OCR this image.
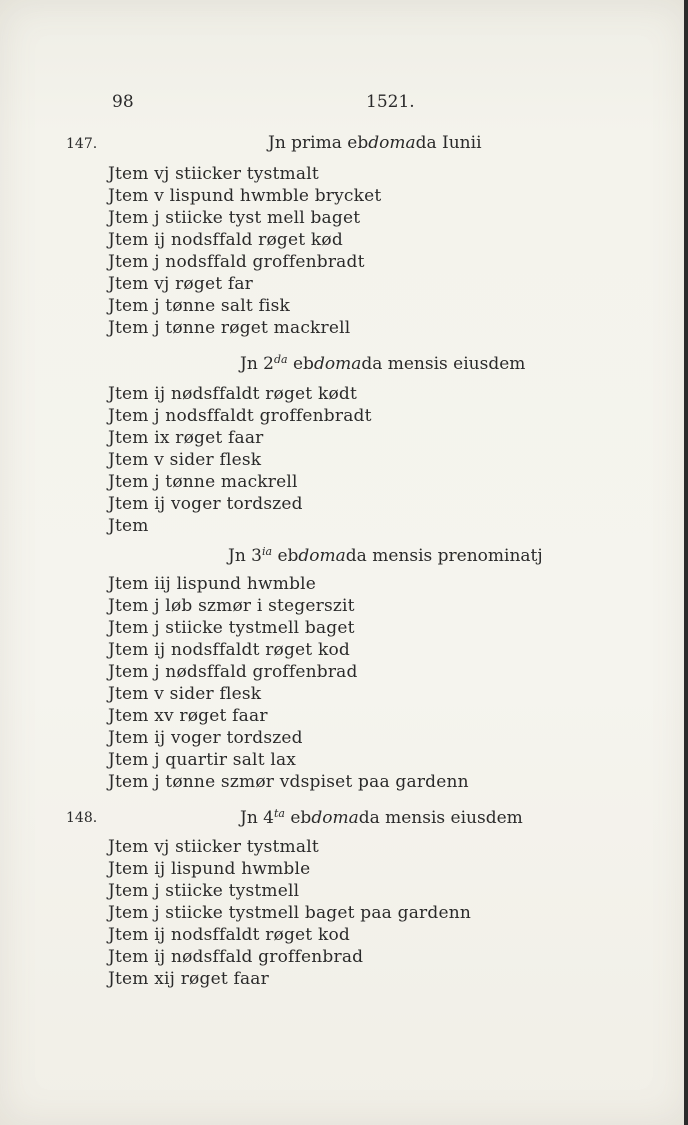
98	1521.
147.	Jn prima ebdomada Iunii
Jtem vj stiicker tystmalt
Jtem v lispund hwmble brycket
Jtem j stiicke tyst mell baget
Jtem ij nodsffald røget kød
Jtem j nodsffald groffenbradt
Jtem vj røget far
Jtem j tønne salt fisk
Jtem j tønne røget mackrell
Jn $2^{da}$ ebdomada mensis eiusdem
Jtem ij nødsffaldt røget kødt
Jtem j nodsffaldt groffenbradt
Jtem ix røget faar
Jtem v sider flesk
Jtem j tønne mackrell
Jtem ij voger tordszed
Jtem
Jn $3^{ia}$ ebdomada mensis prenominatj
Jtem iij lispund hwmble
Jtem j løb szmør i stegerszit
Jtem j stiicke tystmell baget
Jtem ij nodsffaldt røget kod
Jtem j nødsffald groffenbrad
Jtem v sider flesk
Jtem xv røget faar
Jtem ij voger tordszed
Jtem j quartir salt lax
Jtem j tønne szmør vdspiset paa gardenn
148.	Jn $4^{ta}$ ebdomada mensis eiusdem
Jtem vj stiicker tystmalt
Jtem ij lispund hwmble
Jtem j stiicke tystmell
Jtem j stiicke tystmell baget paa gardenn
Jtem ij nodsffaldt røget kod
Jtem ij nødsffald groffenbrad
Jtem xij røget faar
